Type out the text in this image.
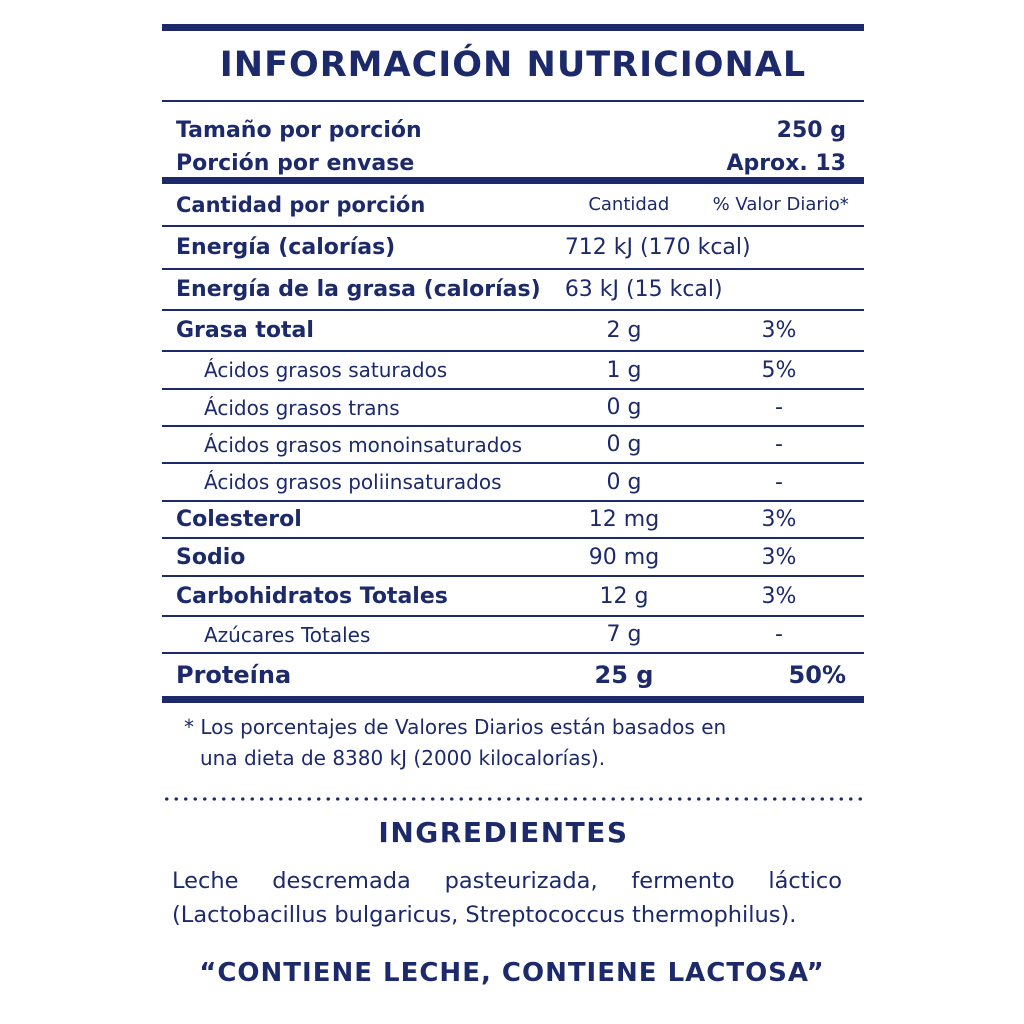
INFORMACIÓN NUTRICIONAL
Tamaño por porción	250 g
Porción por envase	Aprox. 13
Cantidad por porción	Cantidad	% Valor Diario*
Energía (calorías)	712 kJ (170 kcal)
Energía de la grasa (calorías)	63 kJ (15 kcal)
Grasa total	2 g	3%
Ácidos grasos saturados	1 g	5%
Ácidos grasos trans	0 g	-
Ácidos grasos monoinsaturados	0 g	-
Ácidos grasos poliinsaturados	0 g	-
Colesterol	12 mg	3%
Sodio	90 mg	3%
Carbohidratos Totales	12 g	3%
Azúcares Totales	7 g	-
Proteína	25 g	50%
* Los porcentajes de Valores Diarios están basados en
una dieta de 8380 kJ (2000 kilocalorías).
INGREDIENTES
Leche descremada pasteurizada, fermento láctico
(Lactobacillus bulgaricus, Streptococcus thermophilus).
“CONTIENE LECHE, CONTIENE LACTOSA”
